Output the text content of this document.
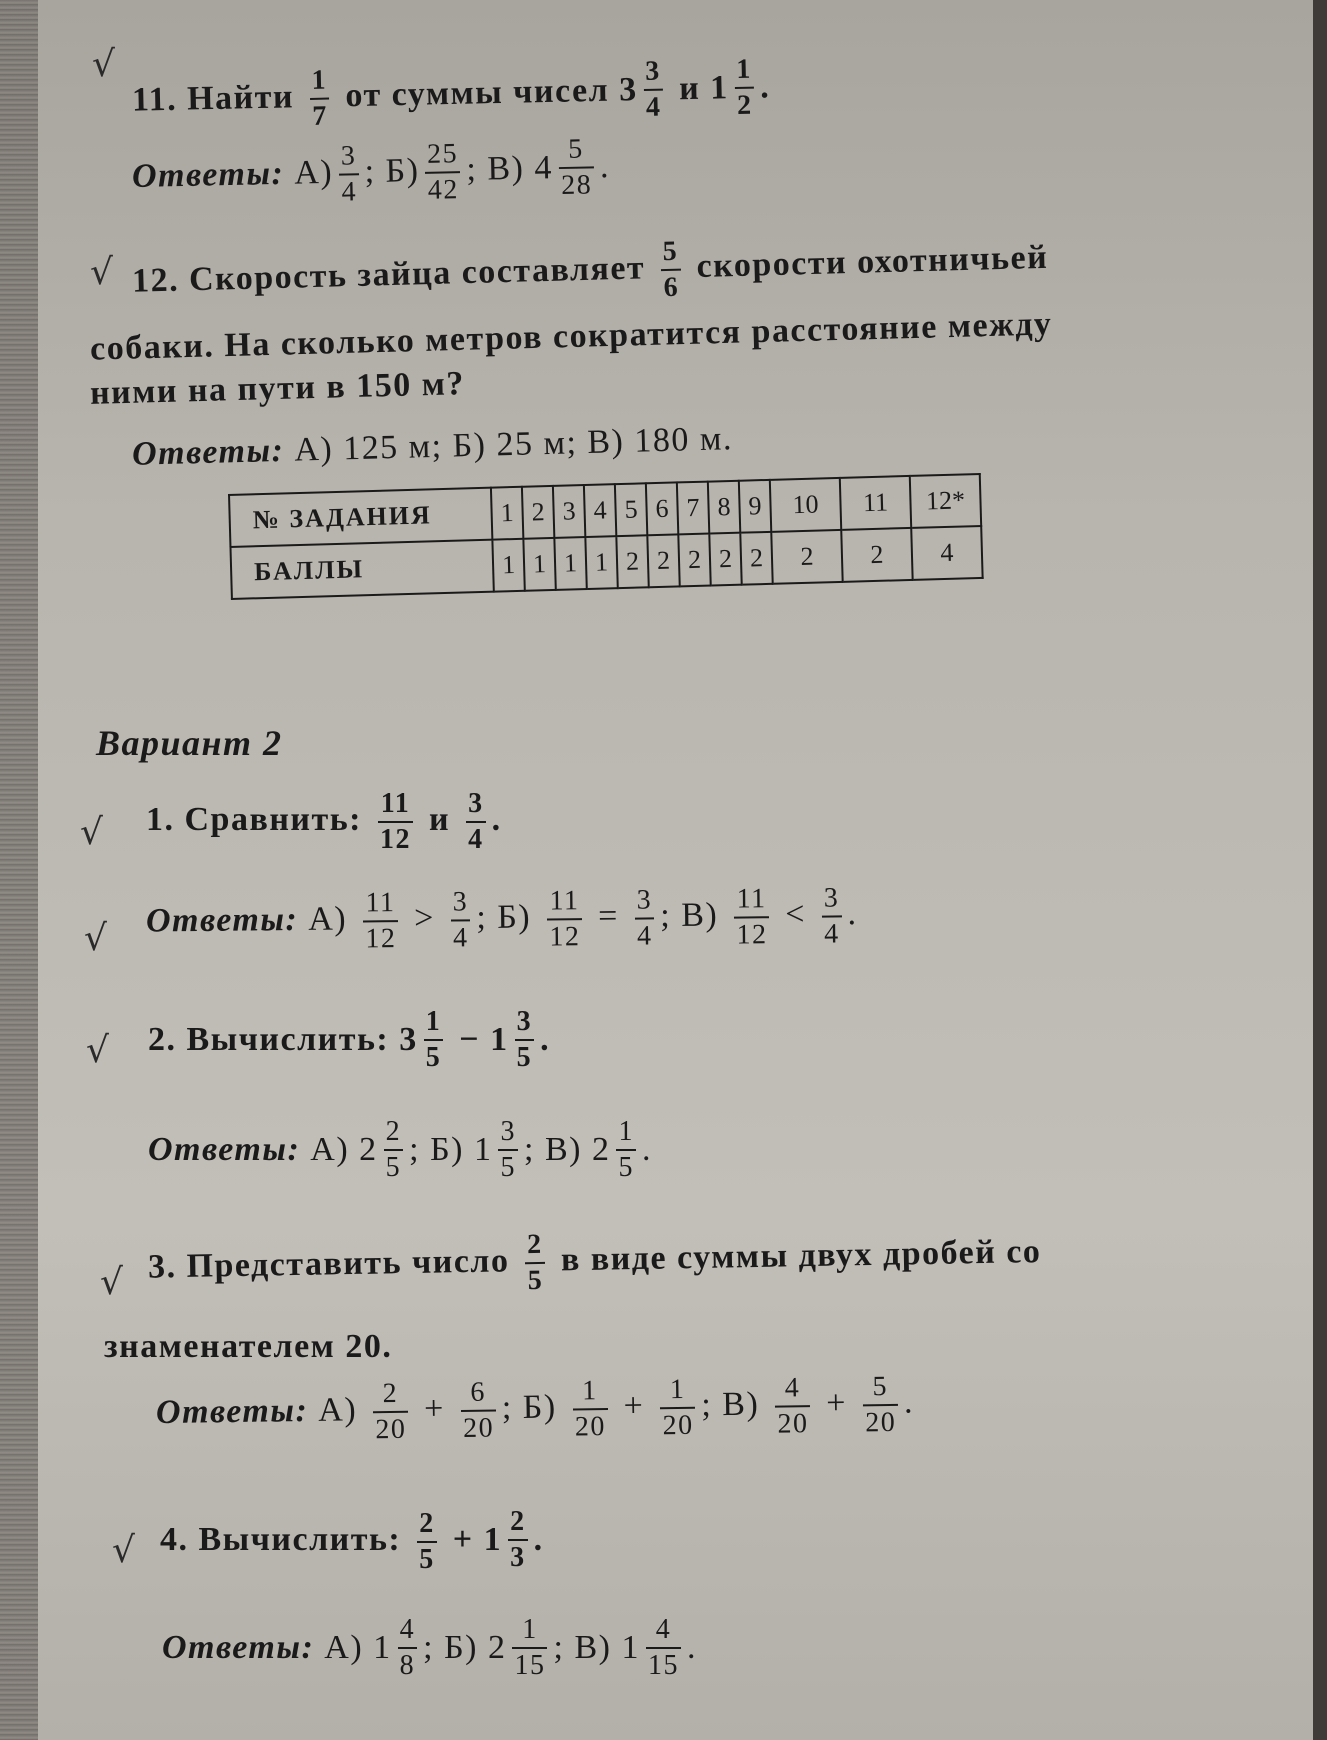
√
11. Найти $\frac{1}{7}$ от суммы чисел $3 \frac{3}{4}$ и $1 \frac{1}{2}$ .
Ответы: $А) \frac{3}{4}$ ; $Б) \frac{25}{42}$ ; В) $4 \frac{5}{28}$ .
√ 12. Скорость зайца составляет $\frac{5}{6}$ скорости охотничьей
собаки. На сколько метров сократится расстояние между
ними на пути в 150 м?
Ответы: А) 125 м; Б) 25 м; В) 180 м.
№ ЗАДАНИЯ	1	2	3	4	5	6	7	8	9	10	11	12*
БАЛЛЫ	1	1	1	1	2	2	2	2	2	2	2	4
Вариант 2
√ 1. Сравнить: $\frac{11}{12}$ и $\frac{3}{4}$ .
√ Ответы: $А) \frac{11}{12} > \frac{3}{4}$ ; $Б) \frac{11}{12} = \frac{3}{4}$ ; $В) \frac{11}{12} < \frac{3}{4}$ .
√ 2. Вычислить: $3 \frac{1}{5} - 1 \frac{3}{5}$ .
Ответы: А) $2 \frac{2}{5}$ ; Б) $1 \frac{3}{5}$ ; В) $2 \frac{1}{5}$ .
√ 3. Представить число $\frac{2}{5}$ в виде суммы двух дробей со
знаменателем 20.
Ответы: $А) \frac{2}{20} + \frac{6}{20}$ ; $Б) \frac{1}{20} + \frac{1}{20}$ ; $В) \frac{4}{20} + \frac{5}{20}$ .
√ 4. Вычислить: $\frac{2}{5} + 1 \frac{2}{3}$ .
Ответы: А) $1 \frac{4}{8}$ ; Б) $2 \frac{1}{15}$ ; В) $1 \frac{4}{15}$ .
